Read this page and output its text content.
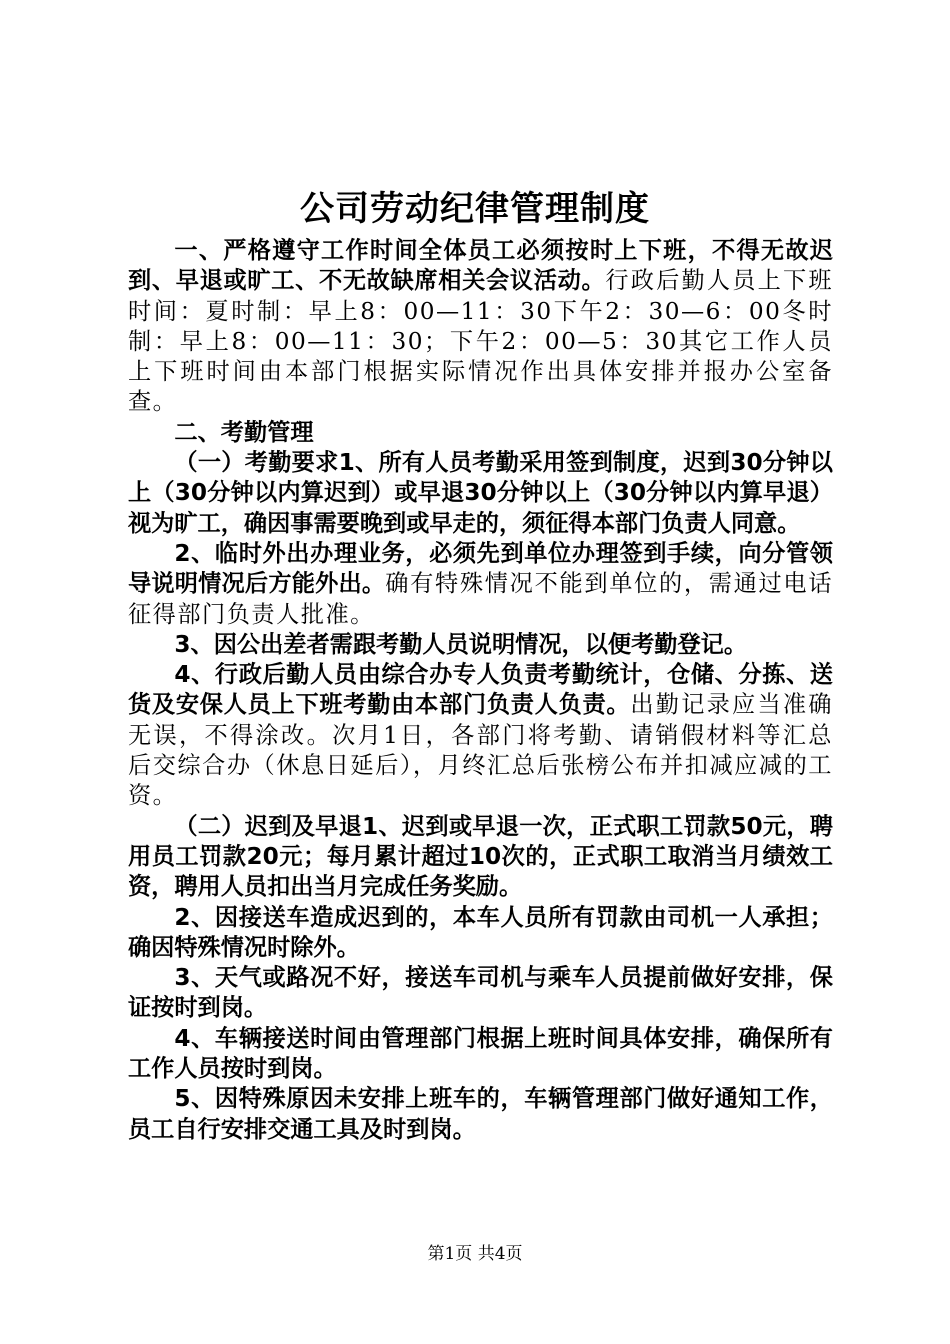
公司劳动纪律管理制度

一、严格遵守工作时间全体员工必须按时上下班，不得无故迟到、早退或旷工、不无故缺席相关会议活动。行政后勤人员上下班时间：夏时制：早上8：00—11：30下午2：30—6：00冬时制：早上8：00—11：30；下午2：00—5：30其它工作人员上下班时间由本部门根据实际情况作出具体安排并报办公室备查。

二、考勤管理

（一）考勤要求1、所有人员考勤采用签到制度，迟到30分钟以上（30分钟以内算迟到）或早退30分钟以上（30分钟以内算早退）视为旷工，确因事需要晚到或早走的，须征得本部门负责人同意。

2、临时外出办理业务，必须先到单位办理签到手续，向分管领导说明情况后方能外出。确有特殊情况不能到单位的，需通过电话征得部门负责人批准。

3、因公出差者需跟考勤人员说明情况，以便考勤登记。

4、行政后勤人员由综合办专人负责考勤统计，仓储、分拣、送货及安保人员上下班考勤由本部门负责人负责。出勤记录应当准确无误，不得涂改。次月1日，各部门将考勤、请销假材料等汇总后交综合办（休息日延后），月终汇总后张榜公布并扣减应减的工资。

（二）迟到及早退1、迟到或早退一次，正式职工罚款50元，聘用员工罚款20元；每月累计超过10次的，正式职工取消当月绩效工资，聘用人员扣出当月完成任务奖励。

2、因接送车造成迟到的，本车人员所有罚款由司机一人承担；确因特殊情况时除外。

3、天气或路况不好，接送车司机与乘车人员提前做好安排，保证按时到岗。

4、车辆接送时间由管理部门根据上班时间具体安排，确保所有工作人员按时到岗。

5、因特殊原因未安排上班车的，车辆管理部门做好通知工作，员工自行安排交通工具及时到岗。

第1页 共4页
